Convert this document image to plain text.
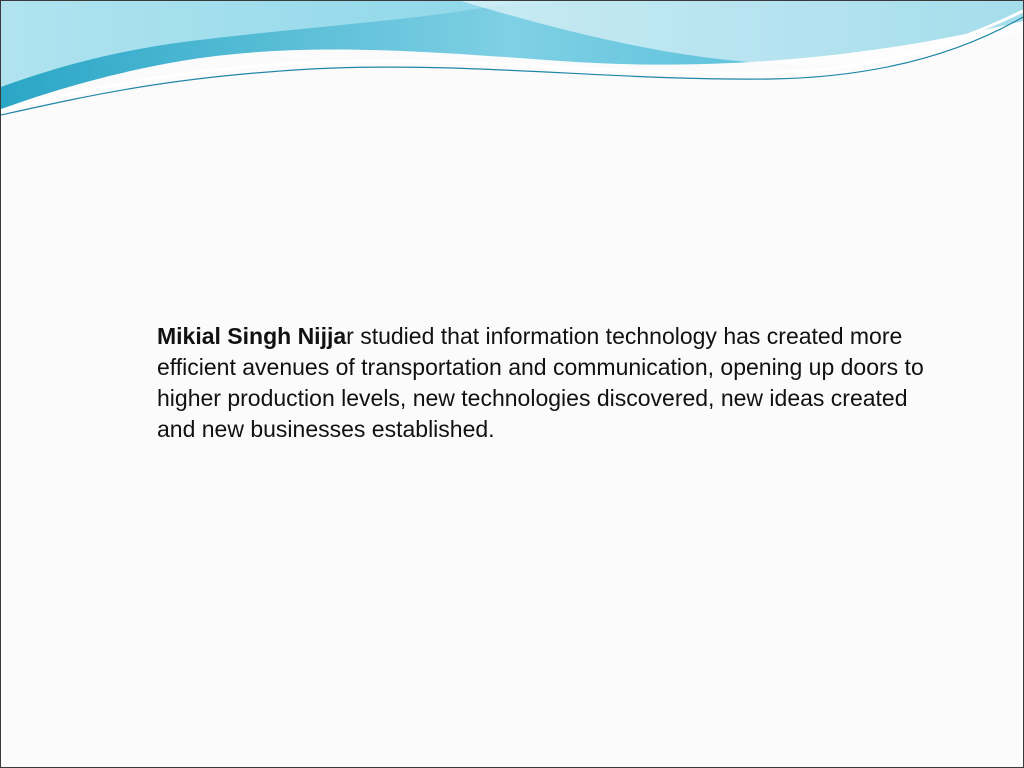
Mikial Singh Nijjar studied that information technology has created more efficient avenues of transportation and communication, opening up doors to higher production levels, new technologies discovered, new ideas created and new businesses established.
